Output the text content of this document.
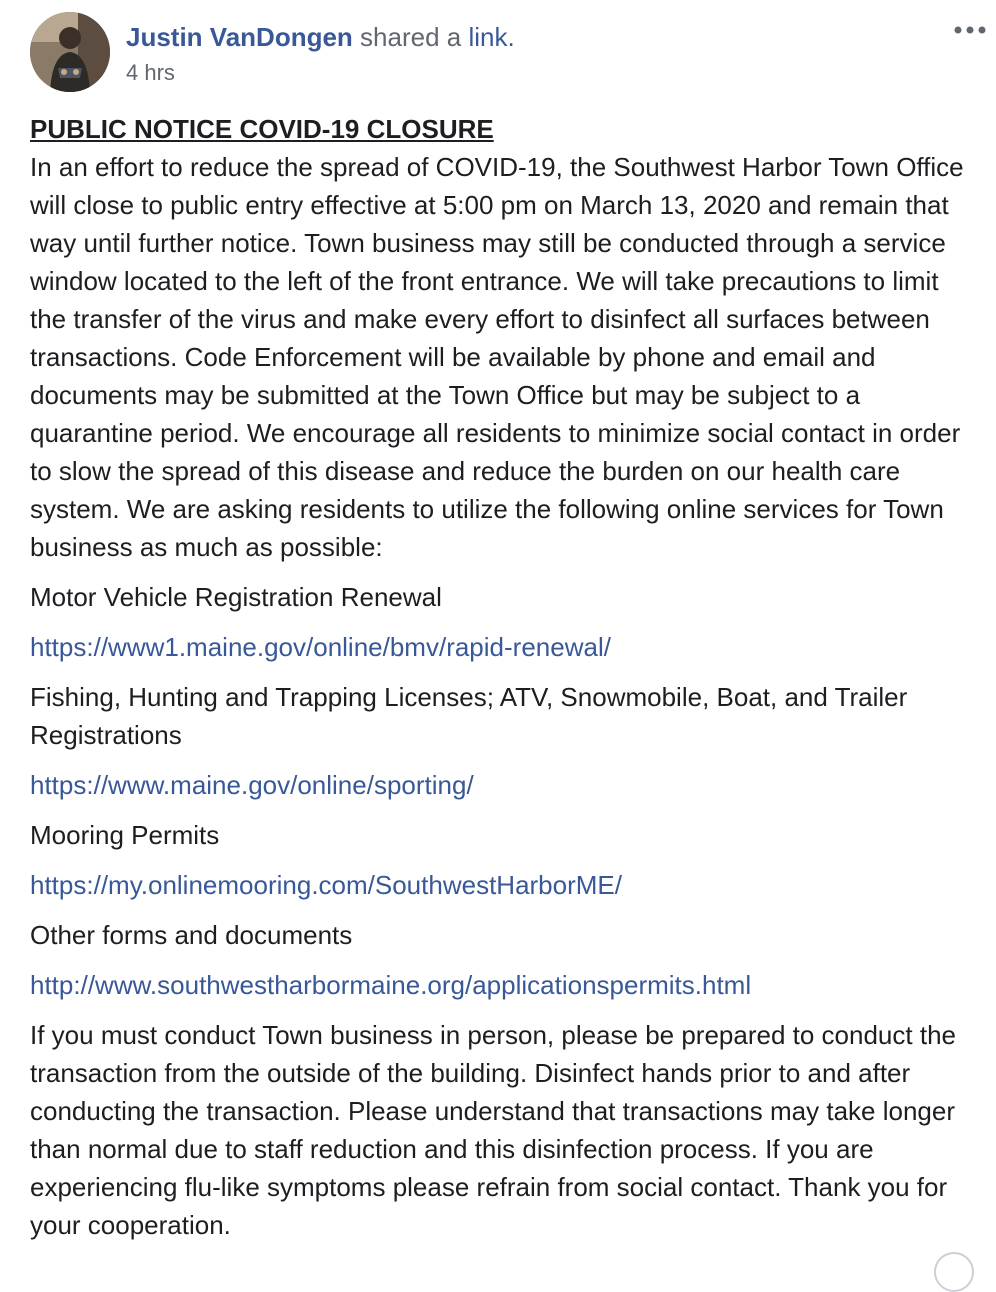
Justin VanDongen shared a link.
4 hrs

PUBLIC NOTICE COVID-19 CLOSURE

In an effort to reduce the spread of COVID-19, the Southwest Harbor Town Office will close to public entry effective at 5:00 pm on March 13, 2020 and remain that way until further notice. Town business may still be conducted through a service window located to the left of the front entrance. We will take precautions to limit the transfer of the virus and make every effort to disinfect all surfaces between transactions. Code Enforcement will be available by phone and email and documents may be submitted at the Town Office but may be subject to a quarantine period. We encourage all residents to minimize social contact in order to slow the spread of this disease and reduce the burden on our health care system. We are asking residents to utilize the following online services for Town business as much as possible:

Motor Vehicle Registration Renewal

https://www1.maine.gov/online/bmv/rapid-renewal/

Fishing, Hunting and Trapping Licenses; ATV, Snowmobile, Boat, and Trailer Registrations

https://www.maine.gov/online/sporting/

Mooring Permits

https://my.onlinemooring.com/SouthwestHarborME/

Other forms and documents

http://www.southwestharbormaine.org/applicationspermits.html

If you must conduct Town business in person, please be prepared to conduct the transaction from the outside of the building. Disinfect hands prior to and after conducting the transaction. Please understand that transactions may take longer than normal due to staff reduction and this disinfection process. If you are experiencing flu-like symptoms please refrain from social contact. Thank you for your cooperation.
